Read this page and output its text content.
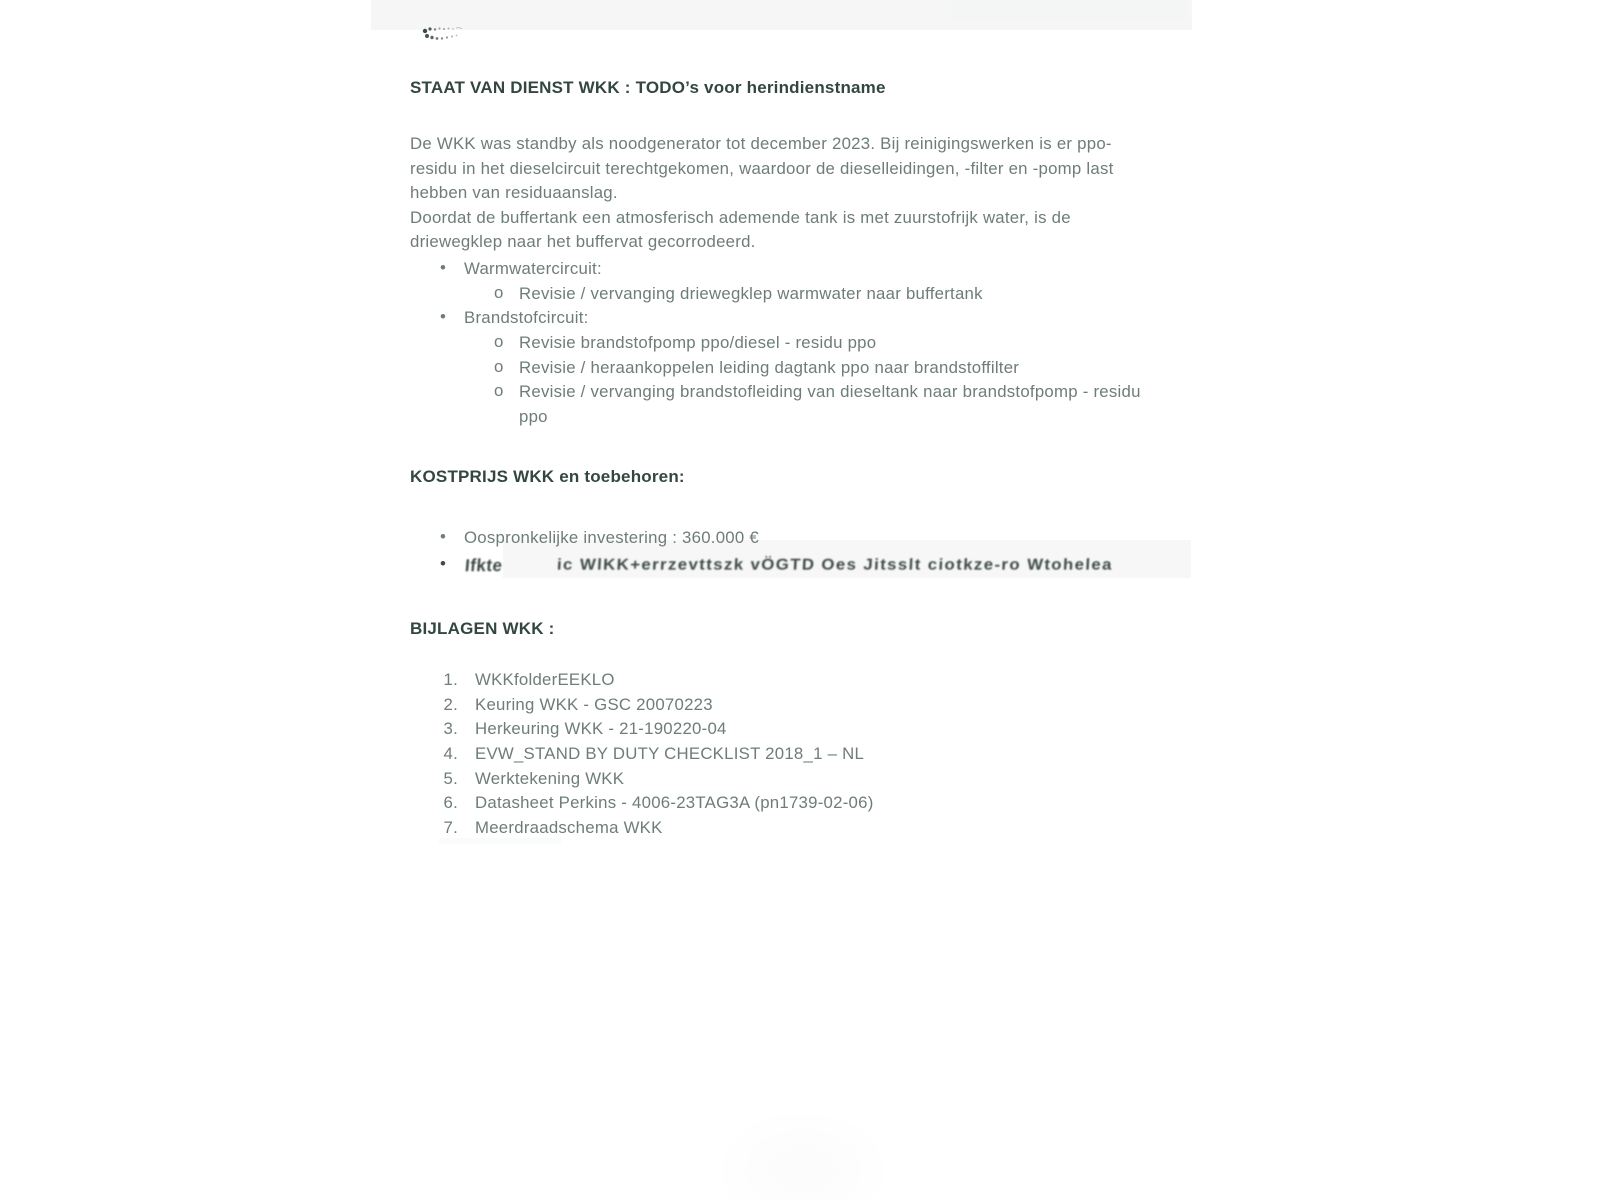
STAAT VAN DIENST WKK : TODO’s voor herindienstname
De WKK was standby als noodgenerator tot december 2023. Bij reinigingswerken is er ppo-
residu in het dieselcircuit terechtgekomen, waardoor de dieselleidingen, -filter en -pomp last
hebben van residuaanslag.
Doordat de buffertank een atmosferisch ademende tank is met zuurstofrijk water, is de
driewegklep naar het buffervat gecorrodeerd.
• Warmwatercircuit:
o Revisie / vervanging driewegklep warmwater naar buffertank
• Brandstofcircuit:
o Revisie brandstofpomp ppo/diesel - residu ppo
o Revisie / heraankoppelen leiding dagtank ppo naar brandstoffilter
o Revisie / vervanging brandstofleiding van dieseltank naar brandstofpomp - residu
ppo
KOSTPRIJS WKK en toebehoren:
• Oospronkelijke investering : 360.000 €
• Ifkte	ic WlKK+errzevttszk vÖGTD Oes Jitsslt ciotkze-ro Wtohelea
BIJLAGEN WKK :
1. WKKfolderEEKLO
2. Keuring WKK - GSC 20070223
3. Herkeuring WKK - 21-190220-04
4. EVW_STAND BY DUTY CHECKLIST 2018_1 – NL
5. Werktekening WKK
6. Datasheet Perkins - 4006-23TAG3A (pn1739-02-06)
7. Meerdraadschema WKK
